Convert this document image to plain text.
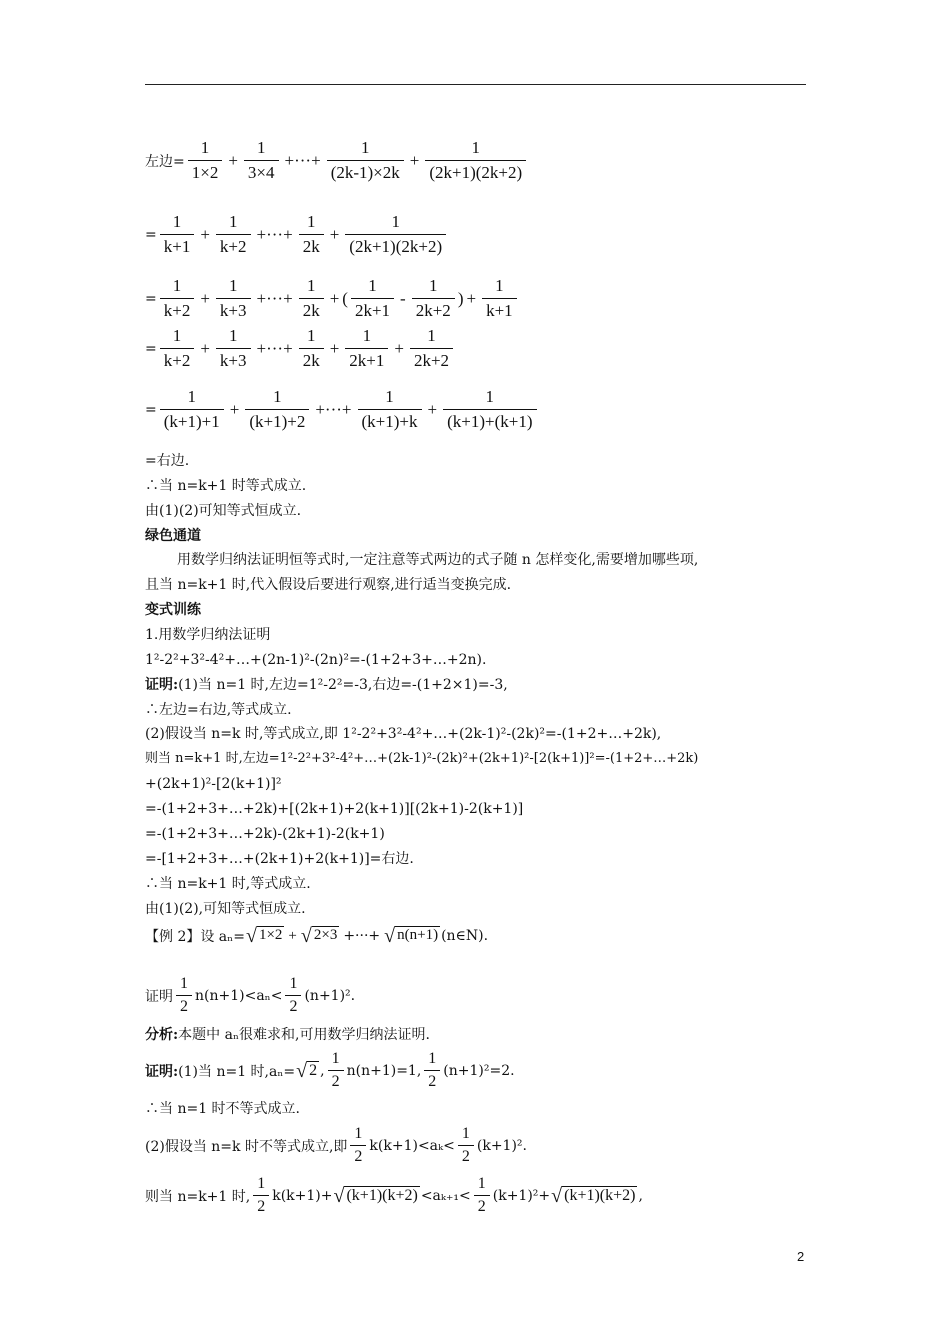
左边= $\frac{1}{1\times 2} + \frac{1}{3\times 4}$ +···+ $\frac{1}{(2k-1)\times 2k} + \frac{1}{(2k+1)(2k+2)}$
= $\frac{1}{k+1} + \frac{1}{k+2}$ +···+ $\frac{1}{2k} + \frac{1}{(2k+1)(2k+2)}$
= $\frac{1}{k+2} + \frac{1}{k+3}$ +···+ $\frac{1}{2k}$ + ( $\frac{1}{2k+1} - \frac{1}{2k+2}$ ) + $\frac{1}{k+1}$
= $\frac{1}{k+2} + \frac{1}{k+3}$ +···+ $\frac{1}{2k} + \frac{1}{2k+1} + \frac{1}{2k+2}$
= $\frac{1}{(k+1)+1} + \frac{1}{(k+1)+2}$ +···+ $\frac{1}{(k+1)+k} + \frac{1}{(k+1)+(k+1)}$
=右边.
∴当 n=k+1 时等式成立.
由(1)(2)可知等式恒成立.
绿色通道
用数学归纳法证明恒等式时,一定注意等式两边的式子随 n 怎样变化,需要增加哪些项,
且当 n=k+1 时,代入假设后要进行观察,进行适当变换完成.
变式训练
1.用数学归纳法证明
1²-2²+3²-4²+…+(2n-1)²-(2n)²=-(1+2+3+…+2n).
证明:(1)当 n=1 时,左边=1²-2²=-3,右边=-(1+2×1)=-3,
∴左边=右边,等式成立.
(2)假设当 n=k 时,等式成立,即 1²-2²+3²-4²+…+(2k-1)²-(2k)²=-(1+2+…+2k),
则当 n=k+1 时,左边=1²-2²+3²-4²+…+(2k-1)²-(2k)²+(2k+1)²-[2(k+1)]²=-(1+2+…+2k)
+(2k+1)²-[2(k+1)]²
=-(1+2+3+…+2k)+[(2k+1)+2(k+1)][(2k+1)-2(k+1)]
=-(1+2+3+…+2k)-(2k+1)-2(k+1)
=-[1+2+3+…+(2k+1)+2(k+1)]=右边.
∴当 n=k+1 时,等式成立.
由(1)(2),可知等式恒成立.
【例 2】设 aₙ= √ 1×2 + √ 2×3 +···+ √ n(n+1) (n∈N).
证明 $\frac{1}{2} n(n+1)<a_n< \frac{1}{2} (n+1)^2$.
分析:本题中 aₙ很难求和,可用数学归纳法证明.
证明: (1)当 n=1 时,aₙ= √ 2 , $\frac{1}{2} n(n+1)=1$, $\frac{1}{2} (n+1)^2=2$.
∴当 n=1 时不等式成立.
(2)假设当 n=k 时不等式成立,即 $\frac{1}{2} k(k+1)<a_k< \frac{1}{2} (k+1)^2$.
则当 n=k+1 时, $\frac{1}{2} k(k+1)+$ √ $(k+1)(k+2) <a_{k+1}< \frac{1}{2} (k+1)^2+$ √ (k+1)(k+2) ,
2
